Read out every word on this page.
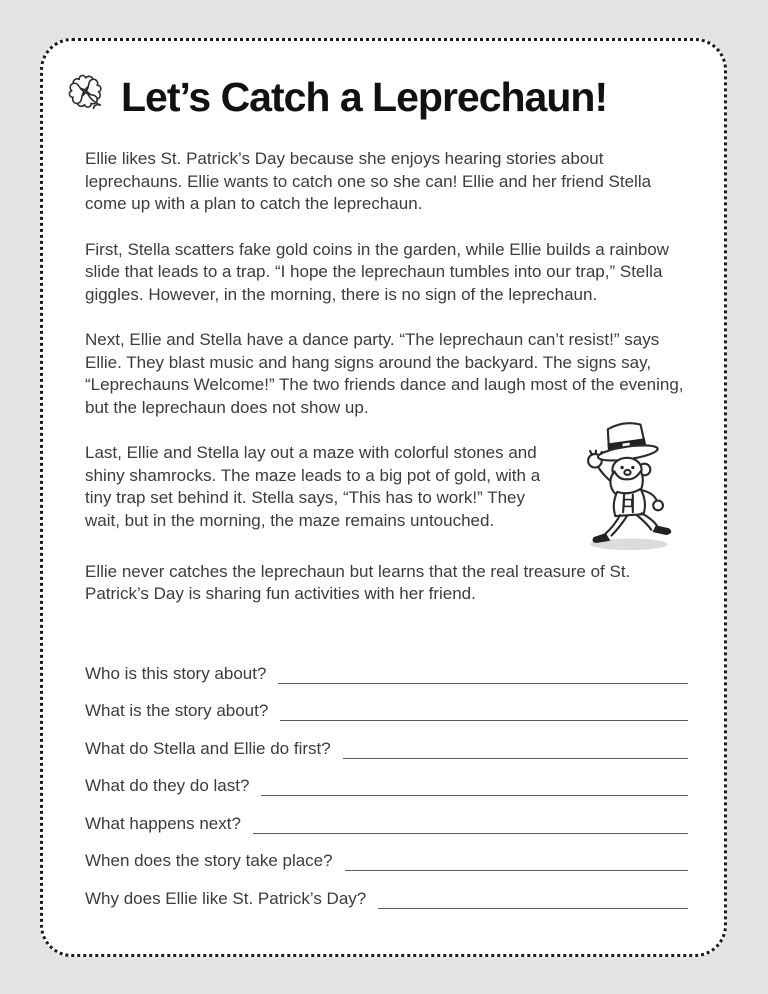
Let’s Catch a Leprechaun!

Ellie likes St. Patrick’s Day because she enjoys hearing stories about leprechauns. Ellie wants to catch one so she can! Ellie and her friend Stella come up with a plan to catch the leprechaun.

First, Stella scatters fake gold coins in the garden, while Ellie builds a rainbow slide that leads to a trap. “I hope the leprechaun tumbles into our trap,” Stella giggles. However, in the morning, there is no sign of the leprechaun.

Next, Ellie and Stella have a dance party. “The leprechaun can’t resist!” says Ellie. They blast music and hang signs around the backyard. The signs say, “Leprechauns Welcome!” The two friends dance and laugh most of the evening, but the leprechaun does not show up.

Last, Ellie and Stella lay out a maze with colorful stones and shiny shamrocks. The maze leads to a big pot of gold, with a tiny trap set behind it. Stella says, “This has to work!” They wait, but in the morning, the maze remains untouched.

Ellie never catches the leprechaun but learns that the real treasure of St. Patrick’s Day is sharing fun activities with her friend.

Who is this story about?
What is the story about?
What do Stella and Ellie do first?
What do they do last?
What happens next?
When does the story take place?
Why does Ellie like St. Patrick’s Day?
